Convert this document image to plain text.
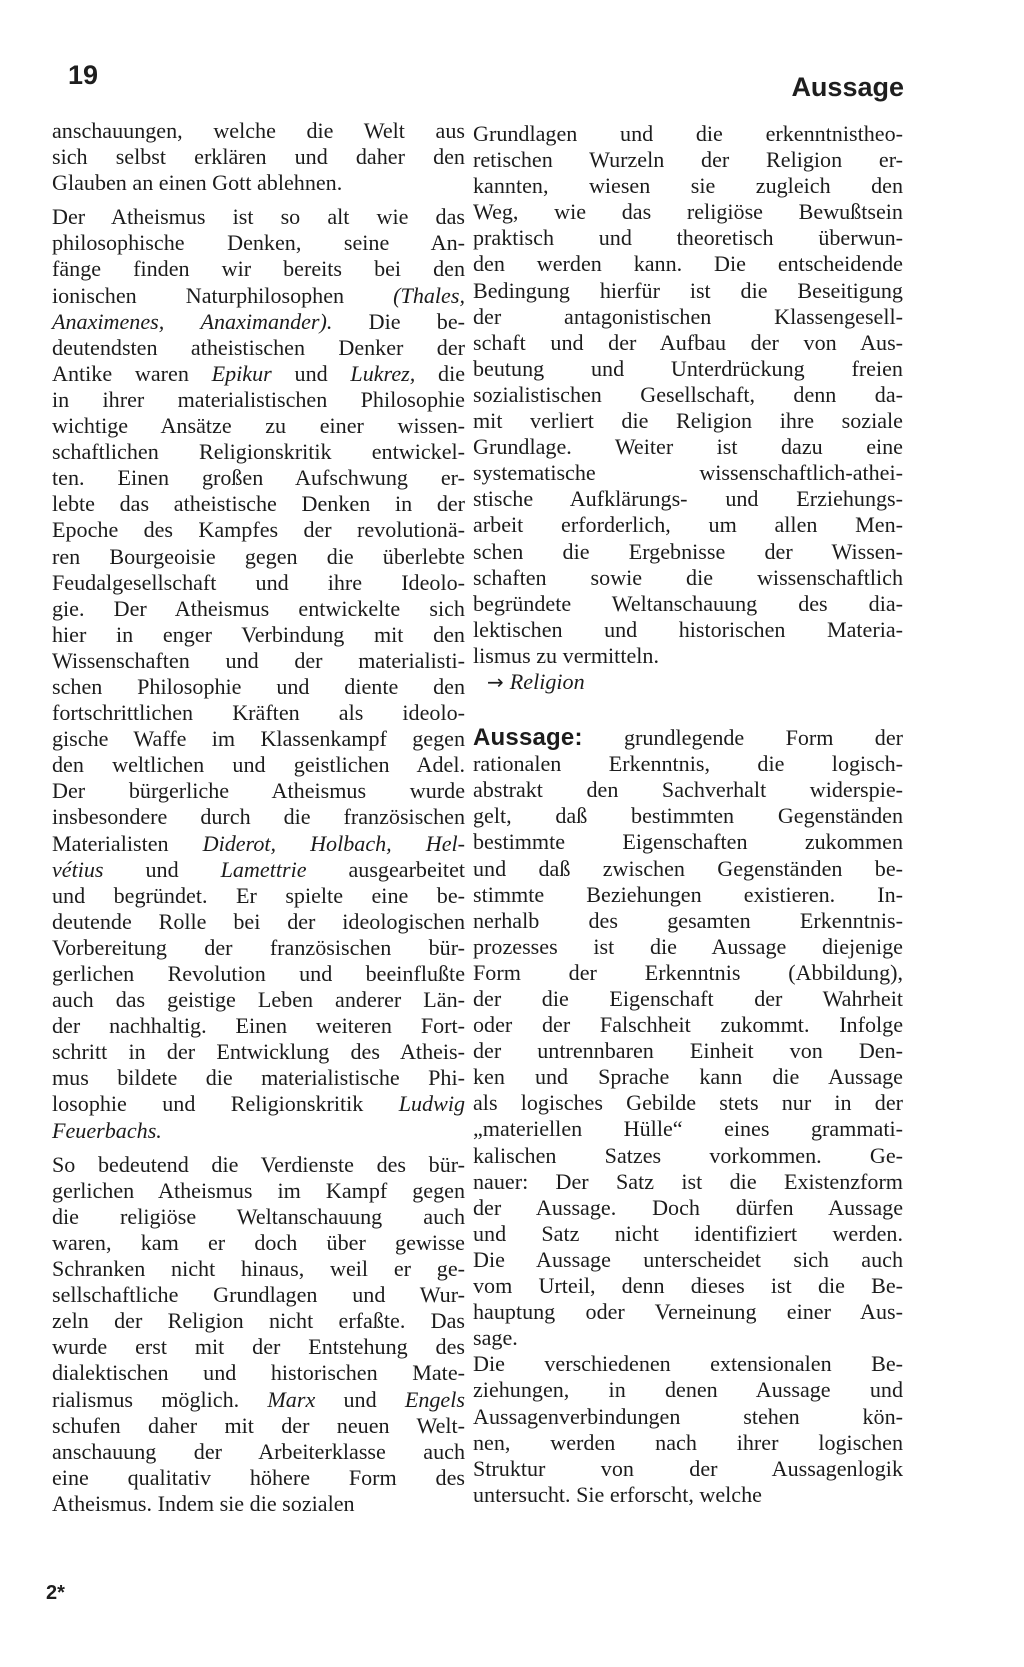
19	Aussage
anschauungen, welche die Welt aus
sich selbst erklären und daher den
Glauben an einen Gott ablehnen.
Der Atheismus ist so alt wie das
philosophische Denken, seine An-
fänge finden wir bereits bei den
ionischen Naturphilosophen (Thales,
Anaximenes, Anaximander). Die be-
deutendsten atheistischen Denker der
Antike waren Epikur und Lukrez, die
in ihrer materialistischen Philosophie
wichtige Ansätze zu einer wissen-
schaftlichen Religionskritik entwickel-
ten. Einen großen Aufschwung er-
lebte das atheistische Denken in der
Epoche des Kampfes der revolutionä-
ren Bourgeoisie gegen die überlebte
Feudalgesellschaft und ihre Ideolo-
gie. Der Atheismus entwickelte sich
hier in enger Verbindung mit den
Wissenschaften und der materialisti-
schen Philosophie und diente den
fortschrittlichen Kräften als ideolo-
gische Waffe im Klassenkampf gegen
den weltlichen und geistlichen Adel.
Der bürgerliche Atheismus wurde
insbesondere durch die französischen
Materialisten Diderot, Holbach, Hel-
vétius und Lamettrie ausgearbeitet
und begründet. Er spielte eine be-
deutende Rolle bei der ideologischen
Vorbereitung der französischen bür-
gerlichen Revolution und beeinflußte
auch das geistige Leben anderer Län-
der nachhaltig. Einen weiteren Fort-
schritt in der Entwicklung des Atheis-
mus bildete die materialistische Phi-
losophie und Religionskritik Ludwig
Feuerbachs.
So bedeutend die Verdienste des bür-
gerlichen Atheismus im Kampf gegen
die religiöse Weltanschauung auch
waren, kam er doch über gewisse
Schranken nicht hinaus, weil er ge-
sellschaftliche Grundlagen und Wur-
zeln der Religion nicht erfaßte. Das
wurde erst mit der Entstehung des
dialektischen und historischen Mate-
rialismus möglich. Marx und Engels
schufen daher mit der neuen Welt-
anschauung der Arbeiterklasse auch
eine qualitativ höhere Form des
Atheismus. Indem sie die sozialen
Grundlagen und die erkenntnistheo-
retischen Wurzeln der Religion er-
kannten, wiesen sie zugleich den
Weg, wie das religiöse Bewußtsein
praktisch und theoretisch überwun-
den werden kann. Die entscheidende
Bedingung hierfür ist die Beseitigung
der	antagonistischen	Klassengesell-
schaft und der Aufbau der von Aus-
beutung und Unterdrückung freien
sozialistischen Gesellschaft, denn da-
mit verliert die Religion ihre soziale
Grundlage. Weiter ist dazu eine
systematische	wissenschaftlich-athei-
stische Aufklärungs- und Erziehungs-
arbeit erforderlich, um allen Men-
schen die Ergebnisse der Wissen-
schaften sowie die wissenschaftlich
begründete Weltanschauung des dia-
lektischen und historischen Materia-
lismus zu vermitteln.
→ Religion
Aussage: grundlegende Form der
rationalen Erkenntnis, die logisch-
abstrakt den Sachverhalt widerspie-
gelt, daß bestimmten Gegenständen
bestimmte Eigenschaften zukommen
und daß zwischen Gegenständen be-
stimmte Beziehungen existieren. In-
nerhalb des gesamten Erkenntnis-
prozesses ist die Aussage diejenige
Form der Erkenntnis (Abbildung),
der die Eigenschaft der Wahrheit
oder der Falschheit zukommt. Infolge
der untrennbaren Einheit von Den-
ken und Sprache kann die Aussage
als logisches Gebilde stets nur in der
„materiellen Hülle“ eines grammati-
kalischen Satzes vorkommen. Ge-
nauer: Der Satz ist die Existenzform
der Aussage. Doch dürfen Aussage
und Satz nicht identifiziert werden.
Die Aussage unterscheidet sich auch
vom Urteil, denn dieses ist die Be-
hauptung oder Verneinung einer Aus-
sage.
Die verschiedenen extensionalen Be-
ziehungen, in denen Aussage und
Aussagenverbindungen stehen kön-
nen, werden nach ihrer logischen
Struktur von der Aussagenlogik
untersucht. Sie erforscht, welche
2*
